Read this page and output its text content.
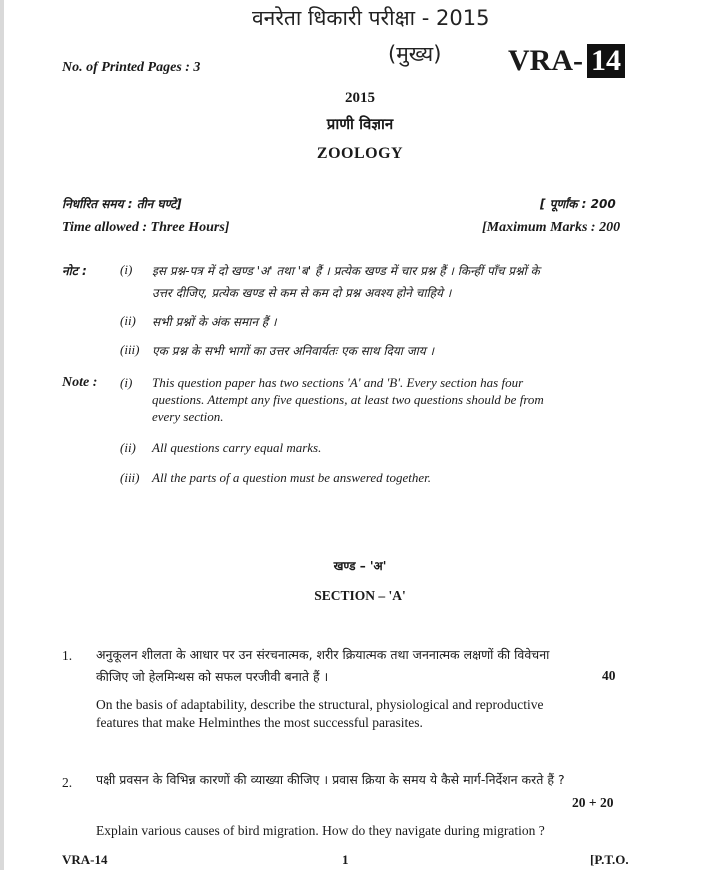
वनरेता धिकारी परीक्षा - 2015
(मुख्य)
No. of Printed Pages : 3	VRA- 14
2015
प्राणी विज्ञान
ZOOLOGY
निर्धारित समय : तीन घण्टे]	[ पूर्णांक : 200
Time allowed : Three Hours]	[Maximum Marks : 200
नोट :	(i) इस प्रश्न-पत्र में दो खण्ड 'अ' तथा 'ब' हैं । प्रत्येक खण्ड में चार प्रश्न हैं । किन्हीं पाँच प्रश्नों के
उत्तर दीजिए, प्रत्येक खण्ड से कम से कम दो प्रश्न अवश्य होने चाहिये ।
(ii) सभी प्रश्नों के अंक समान हैं ।
(iii) एक प्रश्न के सभी भागों का उत्तर अनिवार्यतः एक साथ दिया जाय ।
Note : (i) This question paper has two sections 'A' and 'B'. Every section has four
questions. Attempt any five questions, at least two questions should be from
every section.
(ii) All questions carry equal marks.
(iii) All the parts of a question must be answered together.
खण्ड – 'अ'
SECTION – 'A'
1. अनुकूलन शीलता के आधार पर उन संरचनात्मक, शरीर क्रियात्मक तथा जननात्मक लक्षणों की विवेचना
कीजिए जो हेलमिन्थस को सफल परजीवी बनाते हैं ।	40
On the basis of adaptability, describe the structural, physiological and reproductive
features that make Helminthes the most successful parasites.
2. पक्षी प्रवसन के विभिन्न कारणों की व्याख्या कीजिए । प्रवास क्रिया के समय ये कैसे मार्ग-निर्देशन करते हैं ?
20 + 20
Explain various causes of bird migration. How do they navigate during migration ?
VRA-14	1	[P.T.O.
